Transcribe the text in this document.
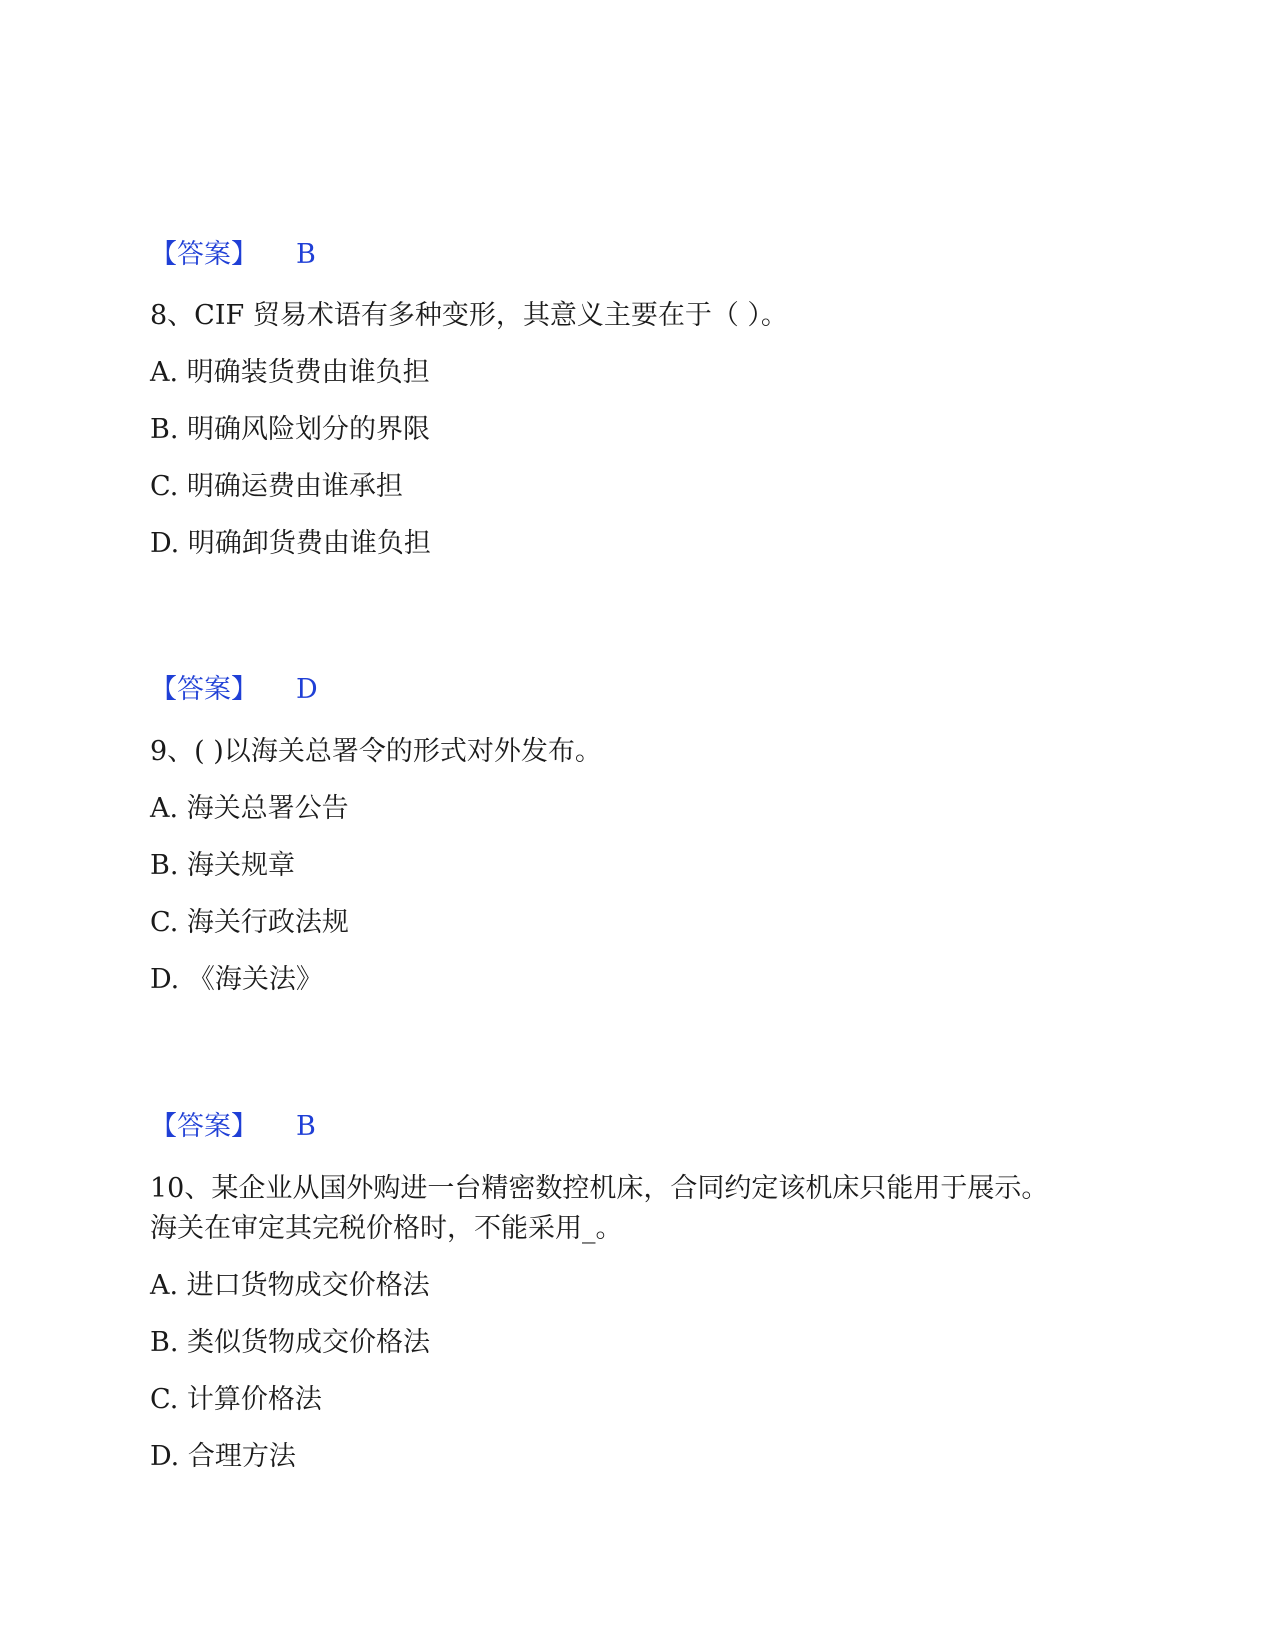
【答案】 B
8、CIF 贸易术语有多种变形，其意义主要在于（ ）。
A. 明确装货费由谁负担
B. 明确风险划分的界限
C. 明确运费由谁承担
D. 明确卸货费由谁负担
【答案】 D
9、( )以海关总署令的形式对外发布。
A. 海关总署公告
B. 海关规章
C. 海关行政法规
D. 《海关法》
【答案】 B
10、某企业从国外购进一台精密数控机床，合同约定该机床只能用于展示。
海关在审定其完税价格时，不能采用_。
A. 进口货物成交价格法
B. 类似货物成交价格法
C. 计算价格法
D. 合理方法
